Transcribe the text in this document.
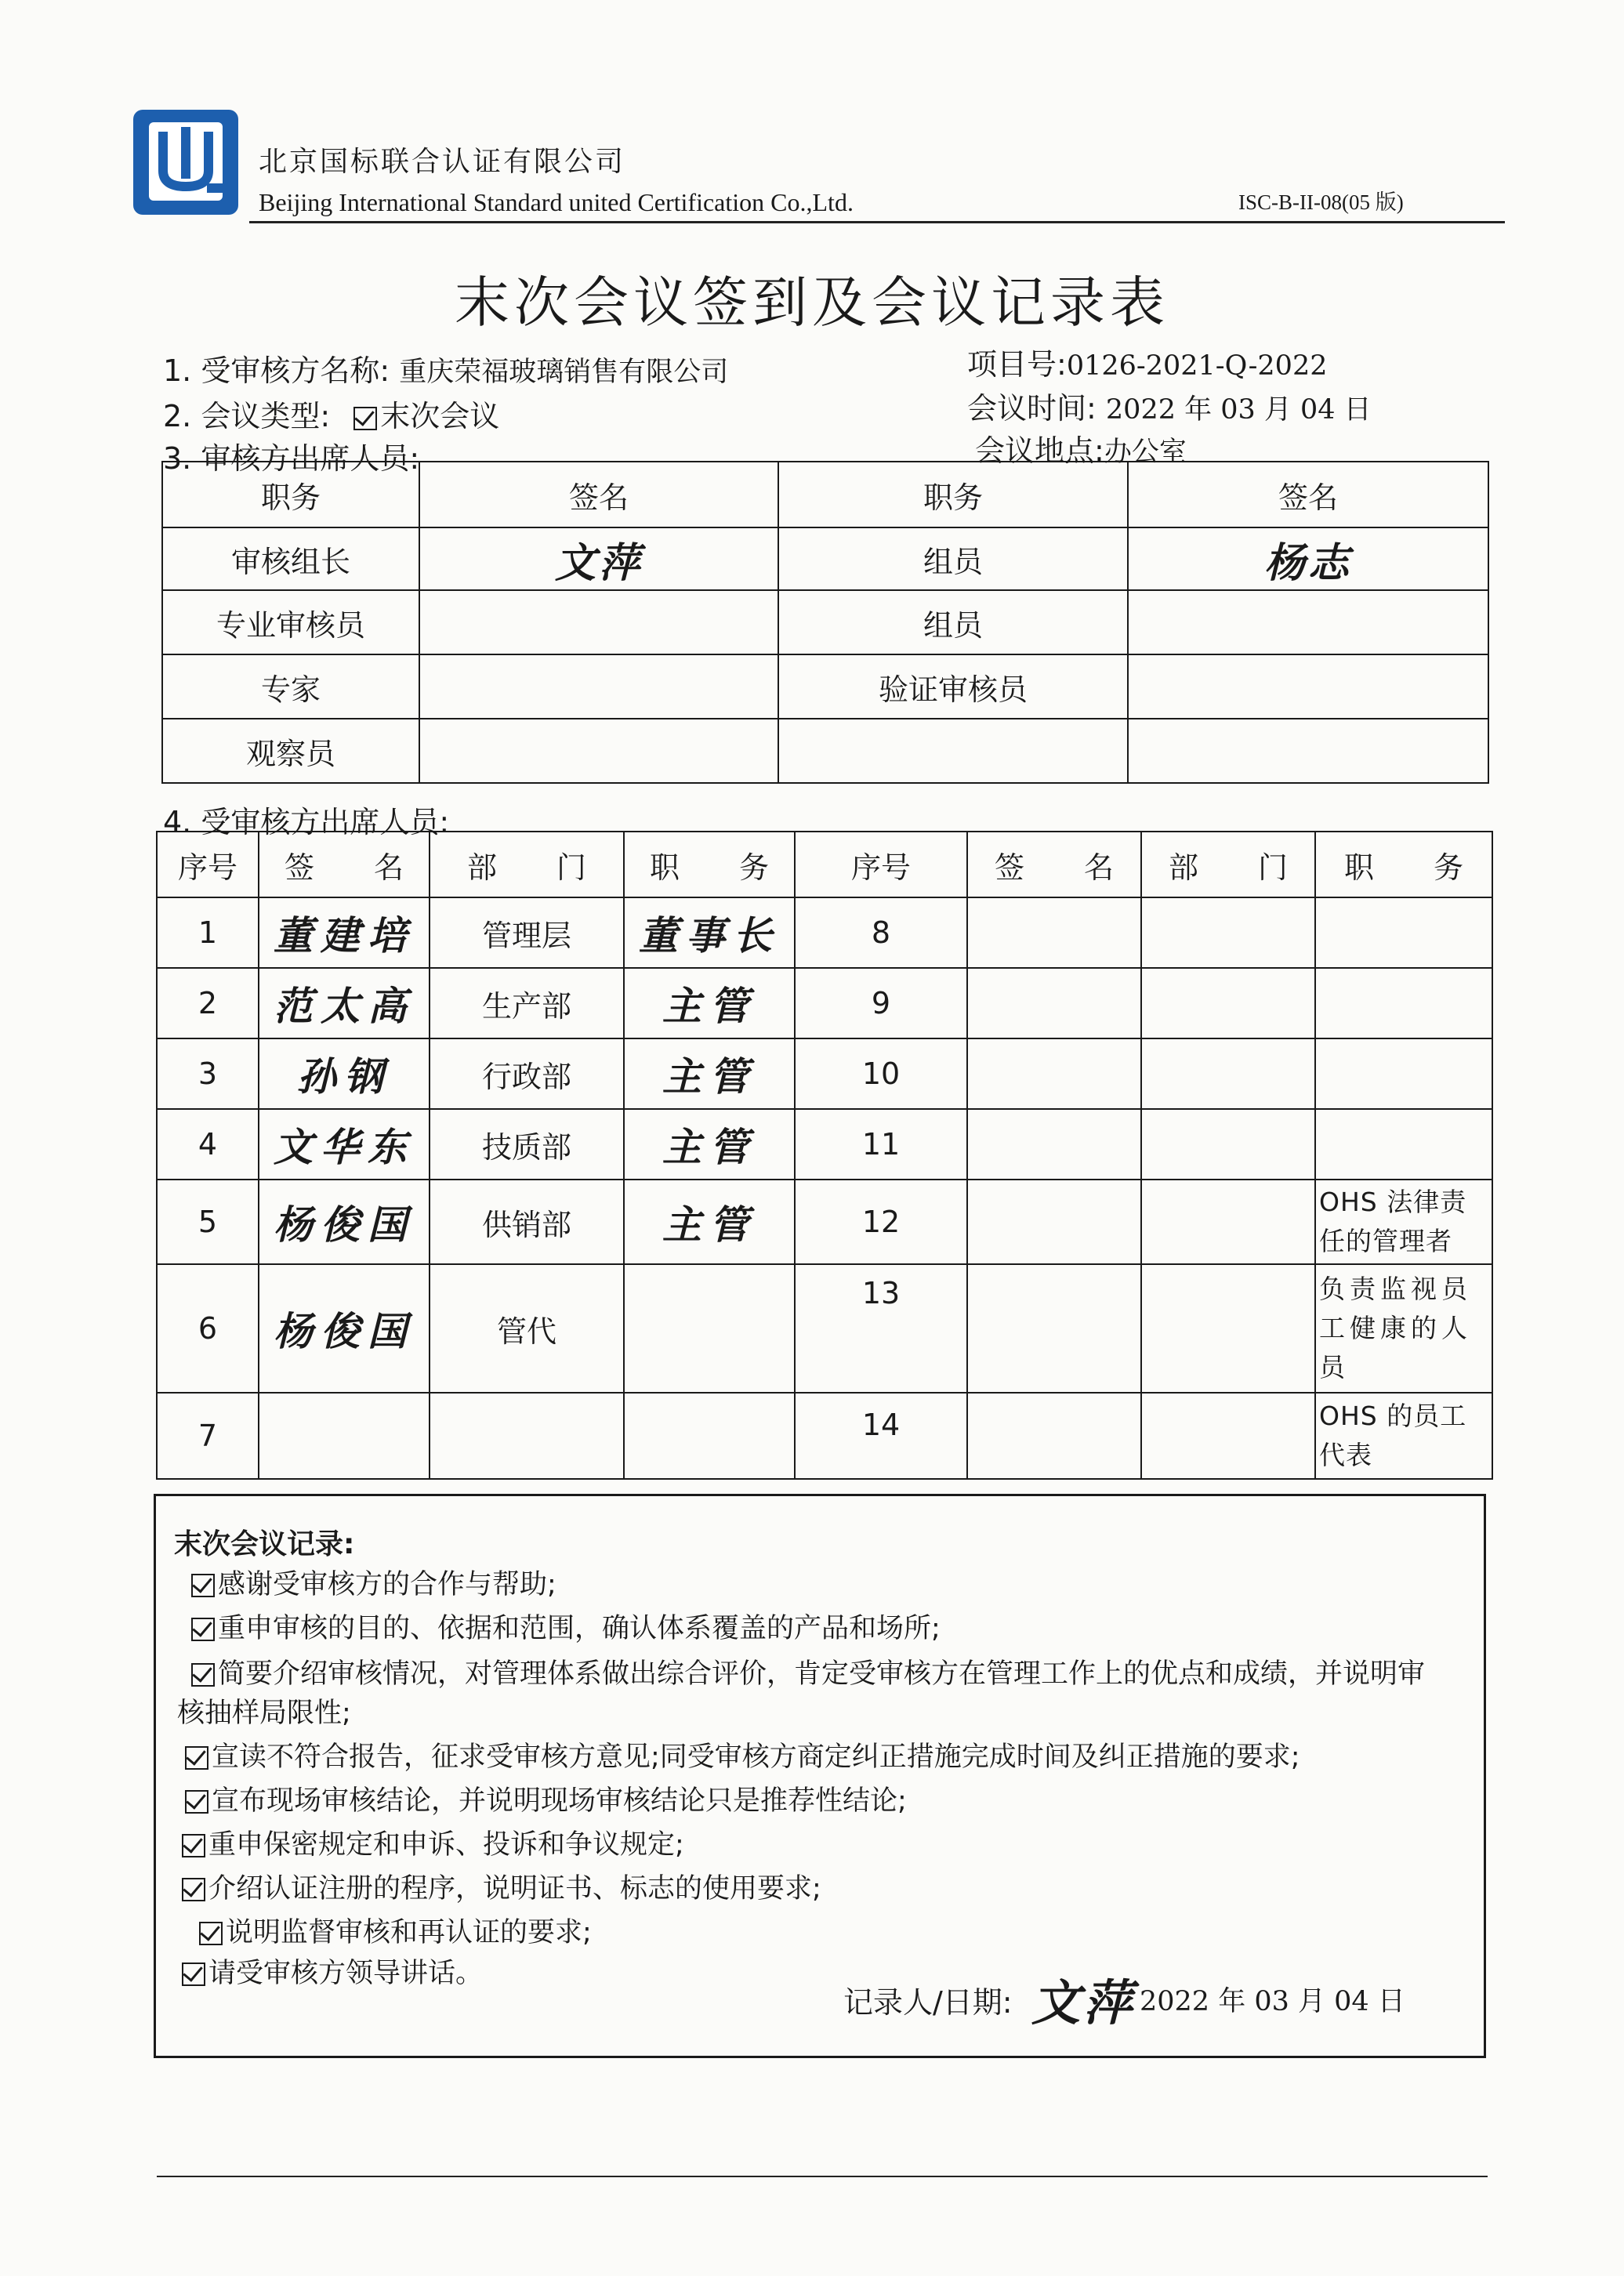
北京国标联合认证有限公司
Beijing International Standard united Certification Co.,Ltd.	ISC-B-II-08(05 版)
末次会议签到及会议记录表
1. 受审核方名称: 重庆荣福玻璃销售有限公司	项目号:0126-2021-Q-2022
2. 会议类型: 末次会议	会议时间: 2022 年 03 月 04 日
3. 审核方出席人员:	会议地点:办公室
职务	签名	职务	签名
审核组长	文萍	组员	杨志
专业审核员		组员	
专家		验证审核员	
观察员			
4. 受审核方出席人员:
序号	签　　名	部　　门	职　　务	序号	签　　名	部　　门	职　　务
1	董建培	管理层	董事长	8			
2	范太高	生产部	主管	9			
3	孙钢	行政部	主管	10			
4	文华东	技质部	主管	11			
5	杨俊国	供销部	主管	12			OHS 法律责任的管理者
6	杨俊国	管代		13			负责监视员工健康的人员
7				14			OHS 的员工代表
末次会议记录:
感谢受审核方的合作与帮助;
重申审核的目的、依据和范围，确认体系覆盖的产品和场所;
简要介绍审核情况，对管理体系做出综合评价，肯定受审核方在管理工作上的优点和成绩，并说明审
核抽样局限性;
宣读不符合报告，征求受审核方意见;同受审核方商定纠正措施完成时间及纠正措施的要求;
宣布现场审核结论，并说明现场审核结论只是推荐性结论;
重申保密规定和申诉、投诉和争议规定;
介绍认证注册的程序，说明证书、标志的使用要求;
说明监督审核和再认证的要求;
请受审核方领导讲话。
记录人/日期: 文萍 2022 年 03 月 04 日
